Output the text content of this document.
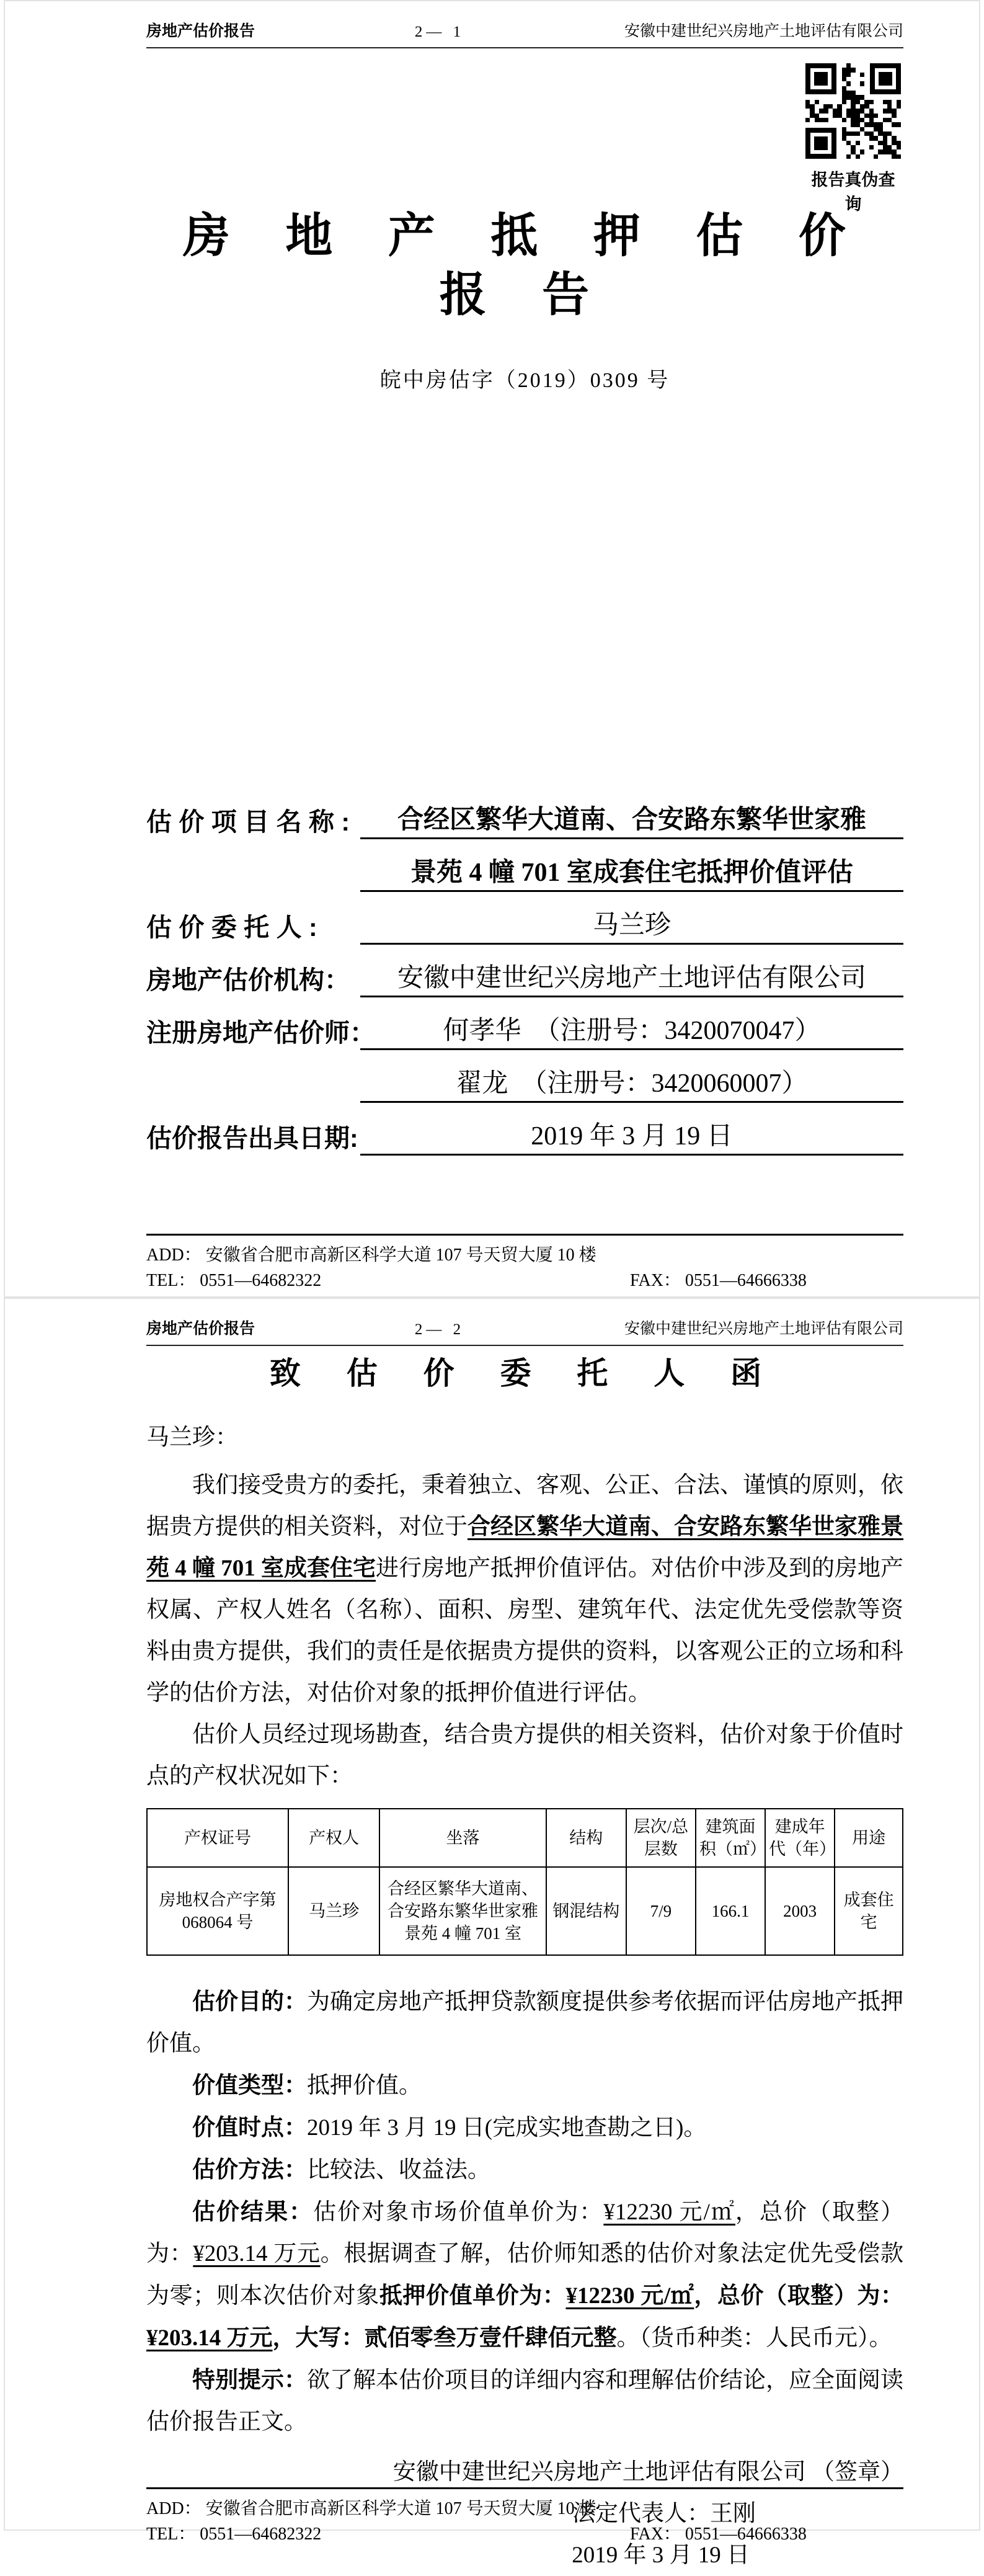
房地产估价报告	2— 1	安徽中建世纪兴房地产土地评估有限公司
房 地 产 抵 押 估 价 报 告
皖中房估字（2019）0309 号
估 价 项 目 名 称 :	合经区繁华大道南、合安路东繁华世家雅
景苑 4 幢 701 室成套住宅抵押价值评估
估 价 委 托 人 :	马兰珍
房地产估价机构：	安徽中建世纪兴房地产土地评估有限公司
注册房地产估价师：	何孝华　（注册号：3420070047）
翟龙　（注册号：3420060007）
估价报告出具日期:	2019 年 3 月 19 日
报告真伪查询
ADD： 安徽省合肥市高新区科学大道 107 号天贸大厦 10 楼
TEL： 0551—64682322	FAX： 0551—64666338
房地产估价报告	2— 2	安徽中建世纪兴房地产土地评估有限公司
致 估 价 委 托 人 函
马兰珍：

我们接受贵方的委托，秉着独立、客观、公正、合法、谨慎的原则，依据贵方提供的相关资料，对位于合经区繁华大道南、合安路东繁华世家雅景苑 4 幢 701 室成套住宅进行房地产抵押价值评估。对估价中涉及到的房地产权属、产权人姓名（名称）、面积、房型、建筑年代、法定优先受偿款等资料由贵方提供，我们的责任是依据贵方提供的资料，以客观公正的立场和科学的估价方法，对估价对象的抵押价值进行评估。

估价人员经过现场勘查，结合贵方提供的相关资料，估价对象于价值时点的产权状况如下：

产权证号	产权人	坐落	结构	层次/总层数	建筑面积（㎡）	建成年代（年）	用途
房地权合产字第 068064 号	马兰珍	合经区繁华大道南、合安路东繁华世家雅景苑 4 幢 701 室	钢混结构	7/9	166.1	2003	成套住宅

估价目的：为确定房地产抵押贷款额度提供参考依据而评估房地产抵押价值。

价值类型：抵押价值。

价值时点：2019 年 3 月 19 日(完成实地查勘之日)。

估价方法：比较法、收益法。

估价结果：估价对象市场价值单价为：¥12230 元/㎡，总价（取整）为：¥203.14 万元。根据调查了解，估价师知悉的估价对象法定优先受偿款为零；则本次估价对象抵押价值单价为：¥12230 元/㎡，总价（取整）为：¥203.14 万元，大写：贰佰零叁万壹仟肆佰元整。（货币种类：人民币元）。

特别提示：欲了解本估价项目的详细内容和理解估价结论，应全面阅读估价报告正文。

安徽中建世纪兴房地产土地评估有限公司 （签章）
法定代表人：王刚
2019 年 3 月 19 日
ADD： 安徽省合肥市高新区科学大道 107 号天贸大厦 10 楼
TEL： 0551—64682322	FAX： 0551—64666338
